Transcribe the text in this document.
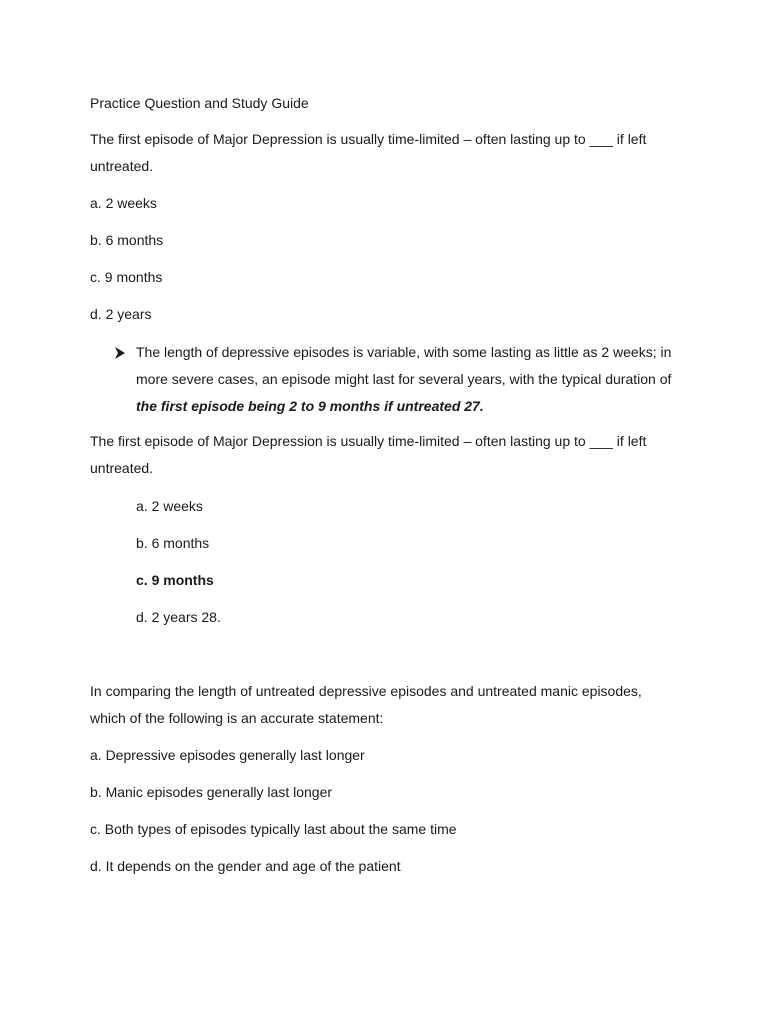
Practice Question and Study Guide
The first episode of Major Depression is usually time-limited – often lasting up to ___ if left untreated.
a. 2 weeks
b. 6 months
c. 9 months
d. 2 years
The length of depressive episodes is variable, with some lasting as little as 2 weeks; in more severe cases, an episode might last for several years, with the typical duration of the first episode being 2 to 9 months if untreated 27.
The first episode of Major Depression is usually time-limited – often lasting up to ___ if left untreated.
a. 2 weeks
b. 6 months
c. 9 months
d. 2 years 28.
In comparing the length of untreated depressive episodes and untreated manic episodes, which of the following is an accurate statement:
a. Depressive episodes generally last longer
b. Manic episodes generally last longer
c. Both types of episodes typically last about the same time
d. It depends on the gender and age of the patient
